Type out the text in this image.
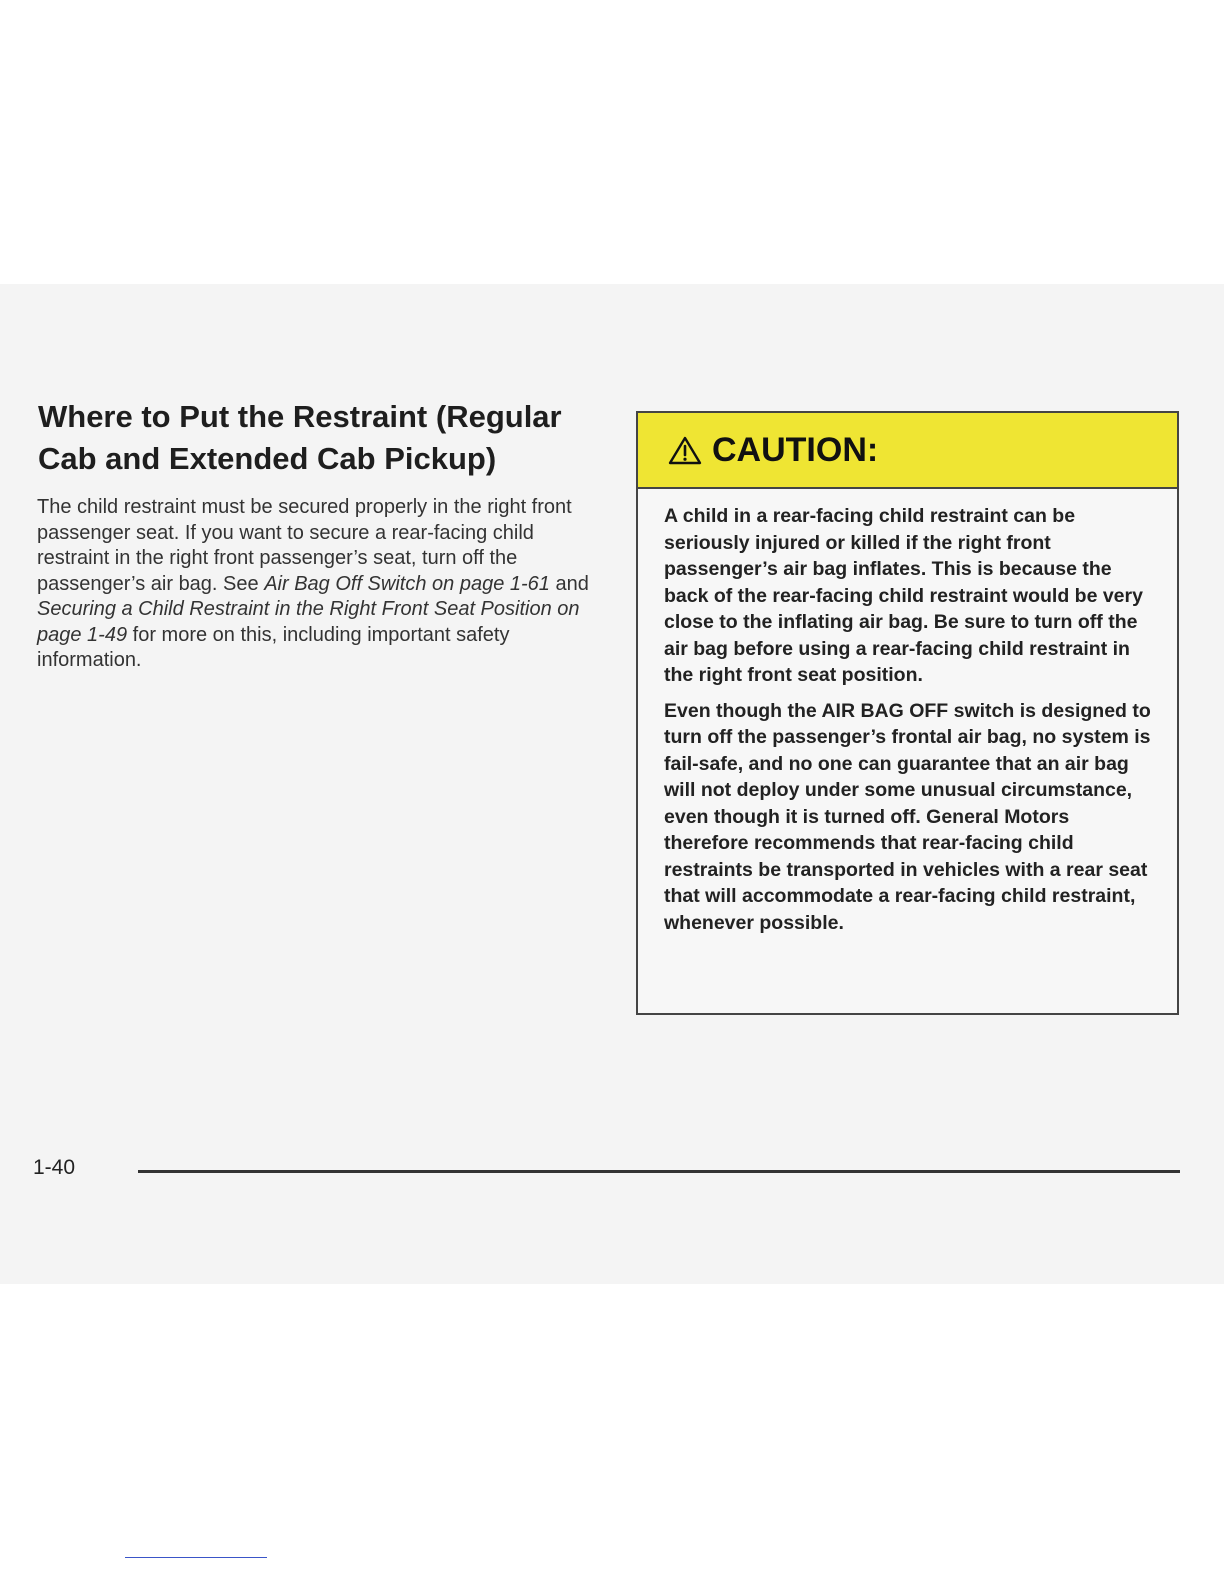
Where to Put the Restraint (Regular Cab and Extended Cab Pickup)

The child restraint must be secured properly in the right front passenger seat. If you want to secure a rear-facing child restraint in the right front passenger’s seat, turn off the passenger’s air bag. See Air Bag Off Switch on page 1-61 and Securing a Child Restraint in the Right Front Seat Position on page 1-49 for more on this, including important safety information.

CAUTION:

A child in a rear-facing child restraint can be seriously injured or killed if the right front passenger’s air bag inflates. This is because the back of the rear-facing child restraint would be very close to the inflating air bag. Be sure to turn off the air bag before using a rear-facing child restraint in the right front seat position.

Even though the AIR BAG OFF switch is designed to turn off the passenger’s frontal air bag, no system is fail-safe, and no one can guarantee that an air bag will not deploy under some unusual circumstance, even though it is turned off. General Motors therefore recommends that rear-facing child restraints be transported in vehicles with a rear seat that will accommodate a rear-facing child restraint, whenever possible.

1-40
